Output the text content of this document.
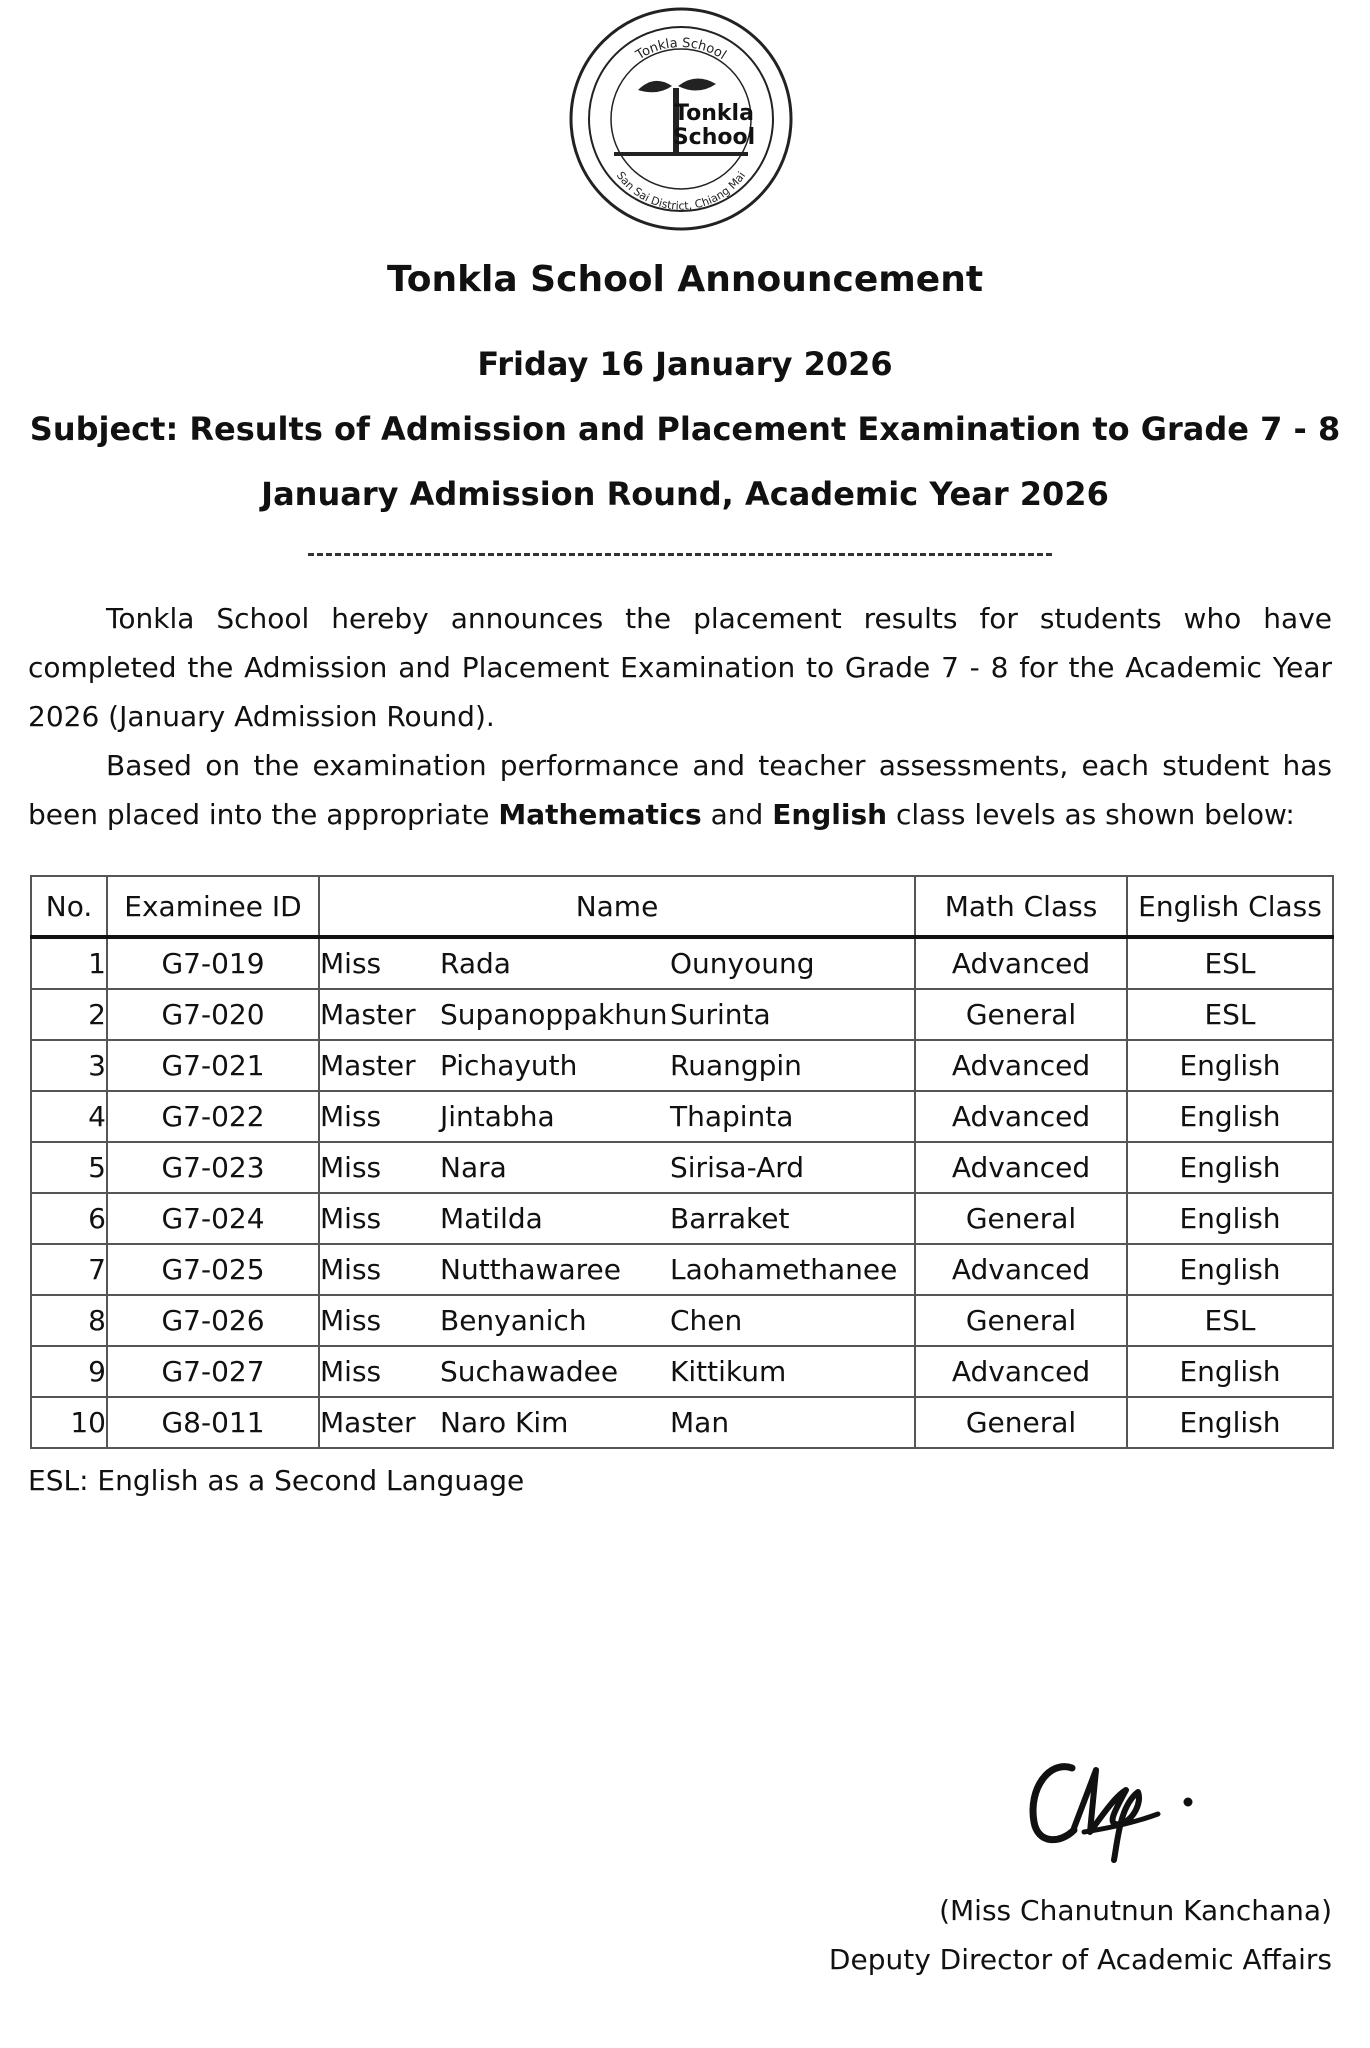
Tonkla School
San Sai District, Chiang Mai
Tonkla
School
Tonkla School Announcement
Friday 16 January 2026
Subject: Results of Admission and Placement Examination to Grade 7 - 8
January Admission Round, Academic Year 2026

Tonkla School hereby announces the placement results for students who have completed the Admission and Placement Examination to Grade 7 - 8 for the Academic Year 2026 (January Admission Round).

Based on the examination performance and teacher assessments, each student has been placed into the appropriate Mathematics and English class levels as shown below:

No.	Examinee ID	Name	Math Class	English Class
1	G7-019	Miss Rada Ounyoung	Advanced	ESL
2	G7-020	Master Supanoppakhun Surinta	General	ESL
3	G7-021	Master Pichayuth Ruangpin	Advanced	English
4	G7-022	Miss Jintabha Thapinta	Advanced	English
5	G7-023	Miss Nara Sirisa-Ard	Advanced	English
6	G7-024	Miss Matilda Barraket	General	English
7	G7-025	Miss Nutthawaree Laohamethanee	Advanced	English
8	G7-026	Miss Benyanich Chen	General	ESL
9	G7-027	Miss Suchawadee Kittikum	Advanced	English
10	G8-011	Master Naro Kim Man	General	English
ESL: English as a Second Language
(Miss Chanutnun Kanchana)
Deputy Director of Academic Affairs
